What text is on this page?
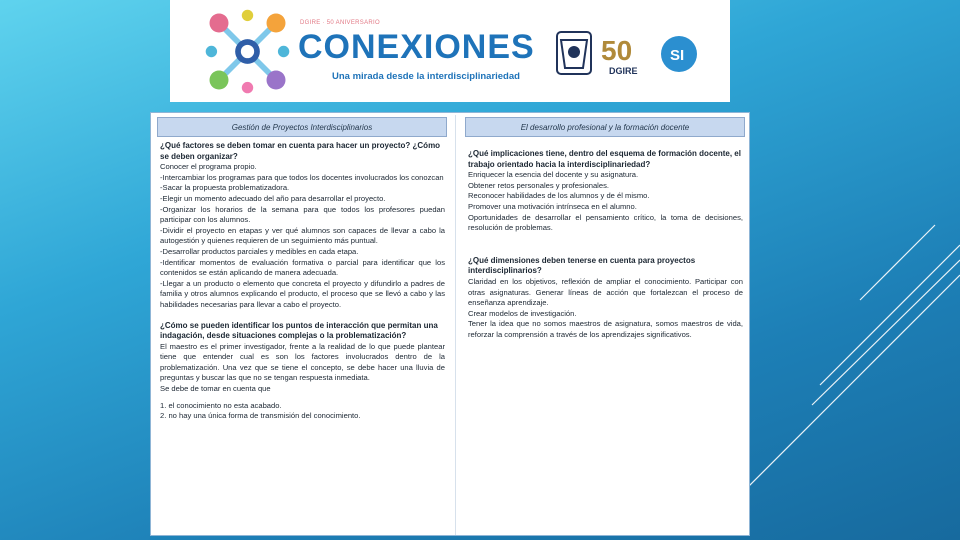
DGIRE · 50 ANIVERSARIO
CONEXIONES
Una mirada desde la interdisciplinariedad
50
DGIRE
SI
Gestión de Proyectos Interdisciplinarios
¿Qué factores se deben tomar en cuenta para hacer un proyecto? ¿Cómo se deben organizar?
Conocer el programa propio.
-Intercambiar los programas para que todos los docentes involucrados los conozcan
-Sacar la propuesta problematizadora.
-Elegir un momento adecuado del año para desarrollar el proyecto.
-Organizar los horarios de la semana para que todos los profesores puedan participar con los alumnos.
-Dividir el proyecto en etapas y ver qué alumnos son capaces de llevar a cabo la autogestión y quienes requieren de un seguimiento más puntual.
-Desarrollar productos parciales y medibles en cada etapa.
-Identificar momentos de evaluación formativa o parcial para identificar que los contenidos se están aplicando de manera adecuada.
-Llegar a un producto o elemento que concreta el proyecto y difundirlo a padres de familia y otros alumnos explicando el producto, el proceso que se llevó a cabo y las habilidades necesarias para llevar a cabo el proyecto.
¿Cómo se pueden identificar los puntos de interacción que permitan una indagación, desde situaciones complejas o la problematización?
El maestro es el primer investigador, frente a la realidad de lo que puede plantear tiene que entender cual es son los factores involucrados dentro de la problematización. Una vez que se tiene el concepto, se debe hacer una lluvia de preguntas y buscar las que no se tengan respuesta inmediata.
Se debe de tomar en cuenta que
1. el conocimiento no esta acabado.
2. no hay una única forma de transmisión del conocimiento.
El desarrollo profesional y la formación docente
¿Qué implicaciones tiene, dentro del esquema de formación docente, el trabajo orientado hacia la interdisciplinariedad?
Enriquecer la esencia del docente y su asignatura.
Obtener retos personales y profesionales.
Reconocer habilidades de los alumnos y de él mismo.
Promover una motivación intrínseca en el alumno.
Oportunidades de desarrollar el pensamiento crítico, la toma de decisiones, resolución de problemas.
¿Qué dimensiones deben tenerse en cuenta para proyectos interdisciplinarios?
Claridad en los objetivos, reflexión de ampliar el conocimiento. Participar con otras asignaturas. Generar líneas de acción que fortalezcan el proceso de enseñanza aprendizaje.
Crear modelos de investigación.
Tener la idea que no somos maestros de asignatura, somos maestros de vida, reforzar la comprensión a través de los aprendizajes significativos.
